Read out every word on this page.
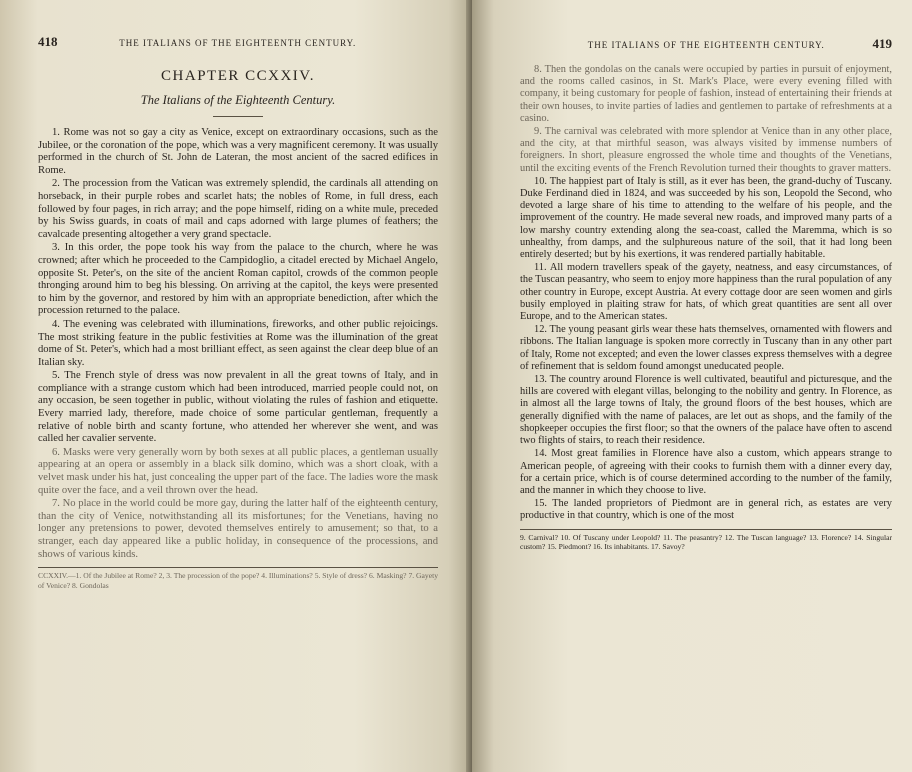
418	THE ITALIANS OF THE EIGHTEENTH CENTURY.
CHAPTER CCXXIV.
The Italians of the Eighteenth Century.

1. Rome was not so gay a city as Venice, except on extraordinary occasions, such as the Jubilee, or the coronation of the pope, which was a very magnificent ceremony. It was usually performed in the church of St. John de Lateran, the most ancient of the sacred edifices in Rome.

2. The procession from the Vatican was extremely splendid, the cardinals all attending on horseback, in their purple robes and scarlet hats; the nobles of Rome, in full dress, each followed by four pages, in rich array; and the pope himself, riding on a white mule, preceded by his Swiss guards, in coats of mail and caps adorned with large plumes of feathers; the cavalcade presenting altogether a very grand spectacle.

3. In this order, the pope took his way from the palace to the church, where he was crowned; after which he proceeded to the Campidoglio, a citadel erected by Michael Angelo, opposite St. Peter's, on the site of the ancient Roman capitol, crowds of the common people thronging around him to beg his blessing. On arriving at the capitol, the keys were presented to him by the governor, and restored by him with an appropriate benediction, after which the procession returned to the palace.

4. The evening was celebrated with illuminations, fireworks, and other public rejoicings. The most striking feature in the public festivities at Rome was the illumination of the great dome of St. Peter's, which had a most brilliant effect, as seen against the clear deep blue of an Italian sky.

5. The French style of dress was now prevalent in all the great towns of Italy, and in compliance with a strange custom which had been introduced, married people could not, on any occasion, be seen together in public, without violating the rules of fashion and etiquette. Every married lady, therefore, made choice of some particular gentleman, frequently a relative of noble birth and scanty fortune, who attended her wherever she went, and was called her cavalier servente.

6. Masks were very generally worn by both sexes at all public places, a gentleman usually appearing at an opera or assembly in a black silk domino, which was a short cloak, with a velvet mask under his hat, just concealing the upper part of the face. The ladies wore the mask quite over the face, and a veil thrown over the head.

7. No place in the world could be more gay, during the latter half of the eighteenth century, than the city of Venice, notwithstanding all its misfortunes; for the Venetians, having no longer any pretensions to power, devoted themselves entirely to amusement; so that, to a stranger, each day appeared like a public holiday, in consequence of the processions, and shows of various kinds.

CCXXIV.—1. Of the Jubilee at Rome? 2, 3. The procession of the pope? 4. Illuminations? 5. Style of dress? 6. Masking? 7. Gayety of Venice? 8. Gondolas
THE ITALIANS OF THE EIGHTEENTH CENTURY.	419

8. Then the gondolas on the canals were occupied by parties in pursuit of enjoyment, and the rooms called casinos, in St. Mark's Place, were every evening filled with company, it being customary for people of fashion, instead of entertaining their friends at their own houses, to invite parties of ladies and gentlemen to partake of refreshments at a casino.

9. The carnival was celebrated with more splendor at Venice than in any other place, and the city, at that mirthful season, was always visited by immense numbers of foreigners. In short, pleasure engrossed the whole time and thoughts of the Venetians, until the exciting events of the French Revolution turned their thoughts to graver matters.

10. The happiest part of Italy is still, as it ever has been, the grand-duchy of Tuscany. Duke Ferdinand died in 1824, and was succeeded by his son, Leopold the Second, who devoted a large share of his time to attending to the welfare of his people, and the improvement of the country. He made several new roads, and improved many parts of a low marshy country extending along the sea-coast, called the Maremma, which is so unhealthy, from damps, and the sulphureous nature of the soil, that it had long been entirely deserted; but by his exertions, it was rendered partially habitable.

11. All modern travellers speak of the gayety, neatness, and easy circumstances, of the Tuscan peasantry, who seem to enjoy more happiness than the rural population of any other country in Europe, except Austria. At every cottage door are seen women and girls busily employed in plaiting straw for hats, of which great quantities are sent all over Europe, and to the American states.

12. The young peasant girls wear these hats themselves, ornamented with flowers and ribbons. The Italian language is spoken more correctly in Tuscany than in any other part of Italy, Rome not excepted; and even the lower classes express themselves with a degree of refinement that is seldom found amongst uneducated people.

13. The country around Florence is well cultivated, beautiful and picturesque, and the hills are covered with elegant villas, belonging to the nobility and gentry. In Florence, as in almost all the large towns of Italy, the ground floors of the best houses, which are generally dignified with the name of palaces, are let out as shops, and the family of the shopkeeper occupies the first floor; so that the owners of the palace have often to ascend two flights of stairs, to reach their residence.

14. Most great families in Florence have also a custom, which appears strange to American people, of agreeing with their cooks to furnish them with a dinner every day, for a certain price, which is of course determined according to the number of the family, and the manner in which they choose to live.

15. The landed proprietors of Piedmont are in general rich, as estates are very productive in that country, which is one of the most

9. Carnival? 10. Of Tuscany under Leopold? 11. The peasantry? 12. The Tuscan language? 13. Florence? 14. Singular custom? 15. Piedmont? 16. Its inhabitants. 17. Savoy?
